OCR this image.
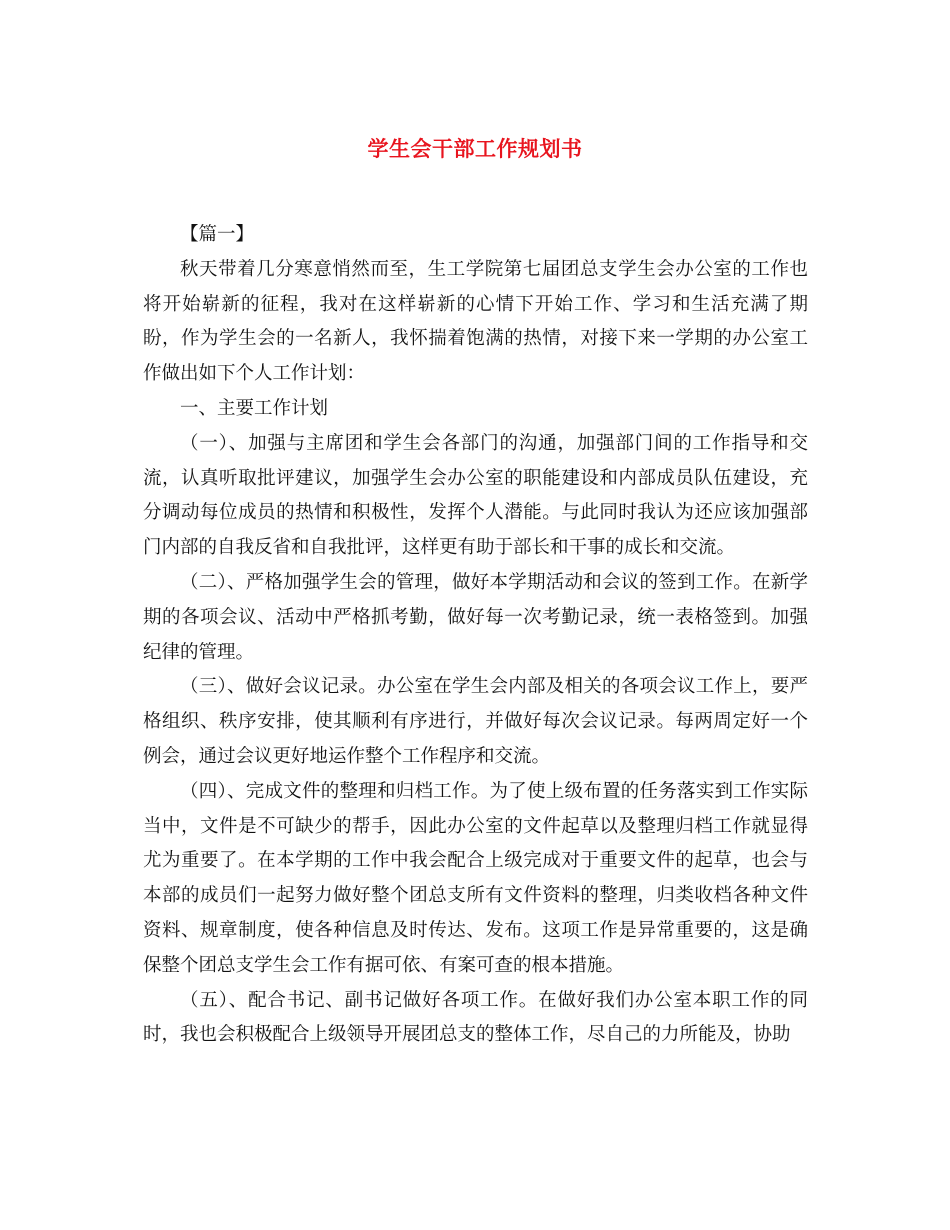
学生会干部工作规划书

【篇一】

秋天带着几分寒意悄然而至，生工学院第七届团总支学生会办公室的工作也将开始崭新的征程，我对在这样崭新的心情下开始工作、学习和生活充满了期盼，作为学生会的一名新人，我怀揣着饱满的热情，对接下来一学期的办公室工作做出如下个人工作计划：

一、主要工作计划

（一）、加强与主席团和学生会各部门的沟通，加强部门间的工作指导和交流，认真听取批评建议，加强学生会办公室的职能建设和内部成员队伍建设，充分调动每位成员的热情和积极性，发挥个人潜能。与此同时我认为还应该加强部门内部的自我反省和自我批评，这样更有助于部长和干事的成长和交流。

（二）、严格加强学生会的管理，做好本学期活动和会议的签到工作。在新学期的各项会议、活动中严格抓考勤，做好每一次考勤记录，统一表格签到。加强纪律的管理。

（三）、做好会议记录。办公室在学生会内部及相关的各项会议工作上，要严格组织、秩序安排，使其顺利有序进行，并做好每次会议记录。每两周定好一个例会，通过会议更好地运作整个工作程序和交流。

（四）、完成文件的整理和归档工作。为了使上级布置的任务落实到工作实际当中，文件是不可缺少的帮手，因此办公室的文件起草以及整理归档工作就显得尤为重要了。在本学期的工作中我会配合上级完成对于重要文件的起草，也会与本部的成员们一起努力做好整个团总支所有文件资料的整理，归类收档各种文件资料、规章制度，使各种信息及时传达、发布。这项工作是异常重要的，这是确保整个团总支学生会工作有据可依、有案可查的根本措施。

（五）、配合书记、副书记做好各项工作。在做好我们办公室本职工作的同时，我也会积极配合上级领导开展团总支的整体工作，尽自己的力所能及，协助
